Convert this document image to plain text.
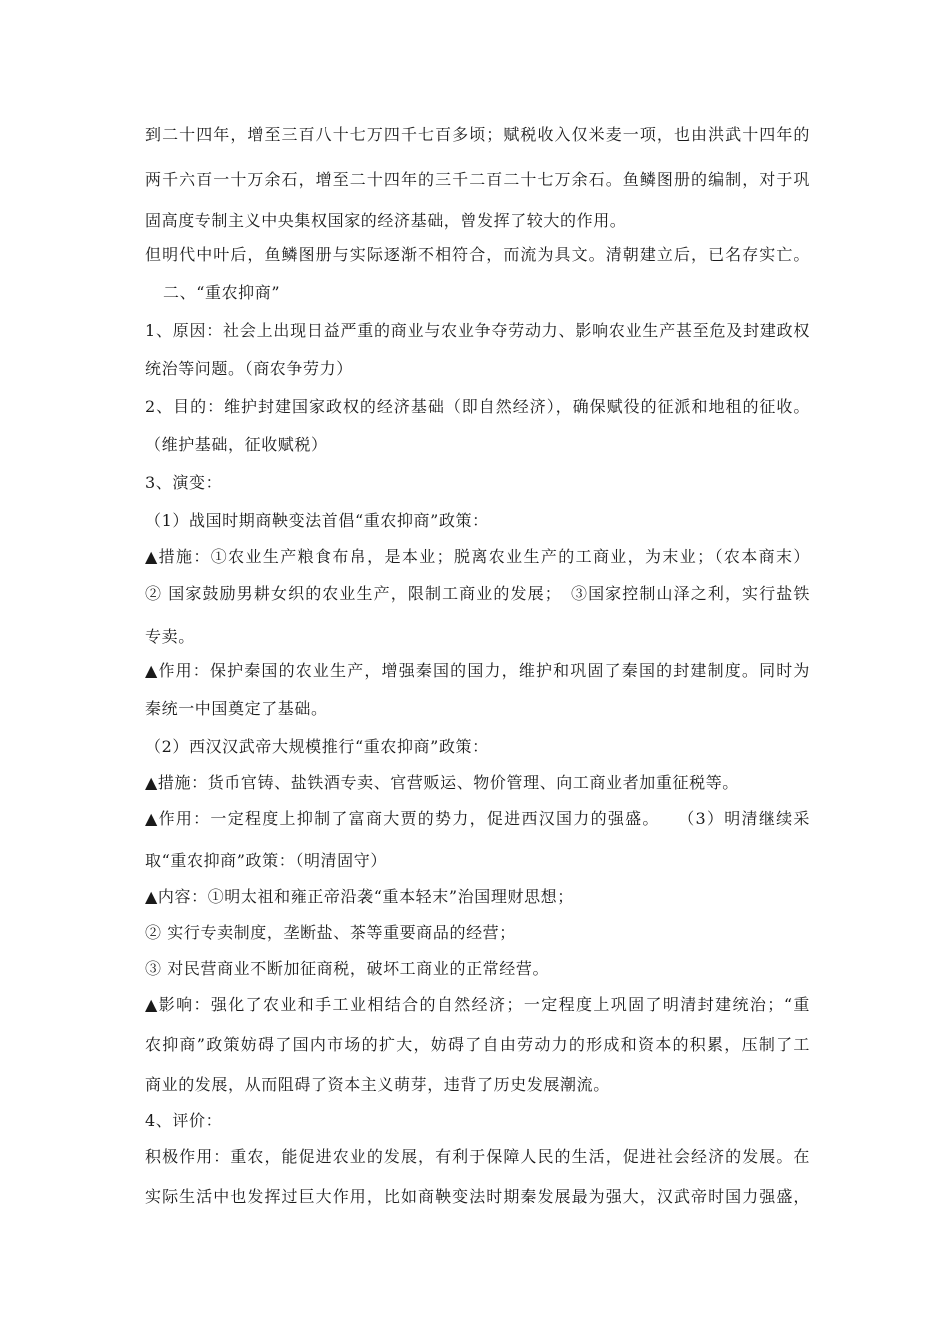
到二十四年，增至三百八十七万四千七百多顷；赋税收入仅米麦一项，也由洪武十四年的
两千六百一十万余石，增至二十四年的三千二百二十七万余石。鱼鳞图册的编制，对于巩
固高度专制主义中央集权国家的经济基础，曾发挥了较大的作用。
但明代中叶后，鱼鳞图册与实际逐渐不相符合，而流为具文。清朝建立后，已名存实亡。
二、“重农抑商”
1、原因：社会上出现日益严重的商业与农业争夺劳动力、影响农业生产甚至危及封建政权
统治等问题。（商农争劳力）
2、目的：维护封建国家政权的经济基础（即自然经济），确保赋役的征派和地租的征收。
（维护基础，征收赋税）
3、演变：
（1）战国时期商鞅变法首倡“重农抑商”政策：
▲措施：①农业生产粮食布帛，是本业；脱离农业生产的工商业，为末业；（农本商末）
② 国家鼓励男耕女织的农业生产，限制工商业的发展；　③国家控制山泽之利，实行盐铁
专卖。
▲作用：保护秦国的农业生产，增强秦国的国力，维护和巩固了秦国的封建制度。同时为
秦统一中国奠定了基础。
（2）西汉汉武帝大规模推行“重农抑商”政策：
▲措施：货币官铸、盐铁酒专卖、官营贩运、物价管理、向工商业者加重征税等。
▲作用：一定程度上抑制了富商大贾的势力，促进西汉国力的强盛。　　（3）明清继续采
取“重农抑商”政策：（明清固守）
▲内容：①明太祖和雍正帝沿袭“重本轻末”治国理财思想；
② 实行专卖制度，垄断盐、茶等重要商品的经营；
③ 对民营商业不断加征商税，破坏工商业的正常经营。
▲影响：强化了农业和手工业相结合的自然经济；一定程度上巩固了明清封建统治；“重
农抑商”政策妨碍了国内市场的扩大，妨碍了自由劳动力的形成和资本的积累，压制了工
商业的发展，从而阻碍了资本主义萌芽，违背了历史发展潮流。
4、评价：
积极作用：重农，能促进农业的发展，有利于保障人民的生活，促进社会经济的发展。在
实际生活中也发挥过巨大作用，比如商鞅变法时期秦发展最为强大，汉武帝时国力强盛，
